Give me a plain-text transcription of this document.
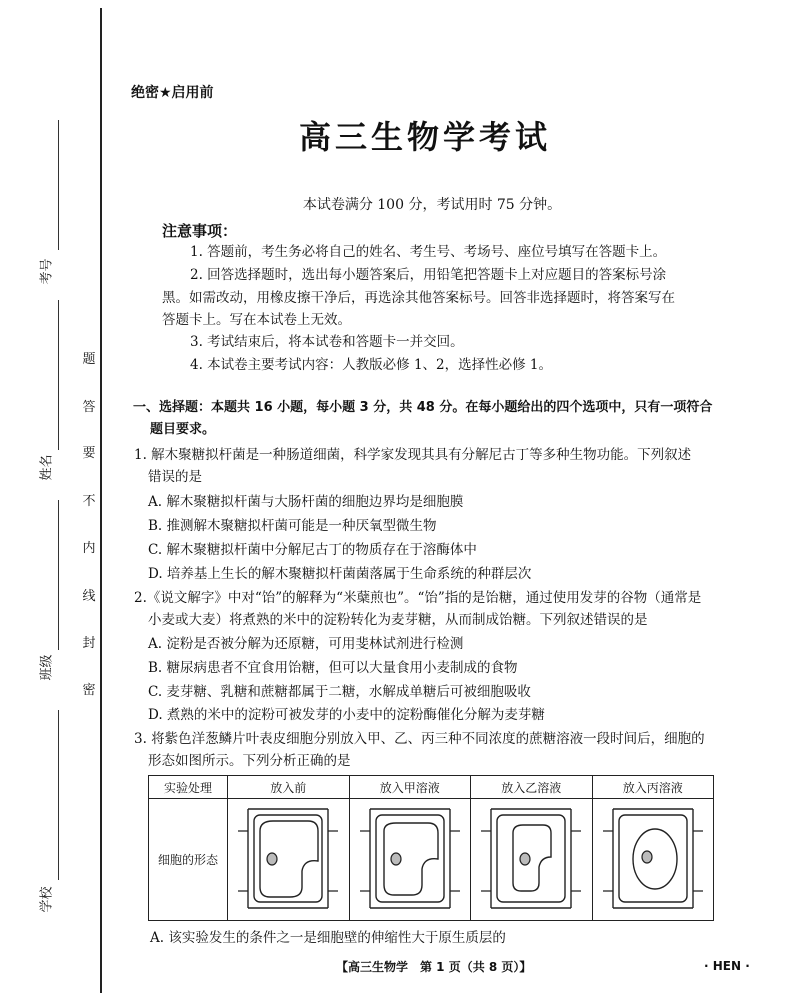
考号
姓名
班级
学校
题
答
要
不
内
线
封
密
绝密★启用前
高三生物学考试
本试卷满分 100 分，考试用时 75 分钟。
注意事项：
1. 答题前，考生务必将自己的姓名、考生号、考场号、座位号填写在答题卡上。
2. 回答选择题时，选出每小题答案后，用铅笔把答题卡上对应题目的答案标号涂
黑。如需改动，用橡皮擦干净后，再选涂其他答案标号。回答非选择题时，将答案写在
答题卡上。写在本试卷上无效。
3. 考试结束后，将本试卷和答题卡一并交回。
4. 本试卷主要考试内容：人教版必修 1、2，选择性必修 1。
一、选择题：本题共 16 小题，每小题 3 分，共 48 分。在每小题给出的四个选项中，只有一项符合
题目要求。
1. 解木聚糖拟杆菌是一种肠道细菌，科学家发现其具有分解尼古丁等多种生物功能。下列叙述
错误的是
A. 解木聚糖拟杆菌与大肠杆菌的细胞边界均是细胞膜
B. 推测解木聚糖拟杆菌可能是一种厌氧型微生物
C. 解木聚糖拟杆菌中分解尼古丁的物质存在于溶酶体中
D. 培养基上生长的解木聚糖拟杆菌菌落属于生命系统的种群层次
2.《说文解字》中对“饴”的解释为“米蘖煎也”。“饴”指的是饴糖，通过使用发芽的谷物（通常是
小麦或大麦）将煮熟的米中的淀粉转化为麦芽糖，从而制成饴糖。下列叙述错误的是
A. 淀粉是否被分解为还原糖，可用斐林试剂进行检测
B. 糖尿病患者不宜食用饴糖，但可以大量食用小麦制成的食物
C. 麦芽糖、乳糖和蔗糖都属于二糖，水解成单糖后可被细胞吸收
D. 煮熟的米中的淀粉可被发芽的小麦中的淀粉酶催化分解为麦芽糖
3. 将紫色洋葱鳞片叶表皮细胞分别放入甲、乙、丙三种不同浓度的蔗糖溶液一段时间后，细胞的
形态如图所示。下列分析正确的是
实验处理	放入前	放入甲溶液	放入乙溶液	放入丙溶液
细胞的形态				
A. 该实验发生的条件之一是细胞壁的伸缩性大于原生质层的
【高三生物学　第 1 页（共 8 页）】	· HEN ·
